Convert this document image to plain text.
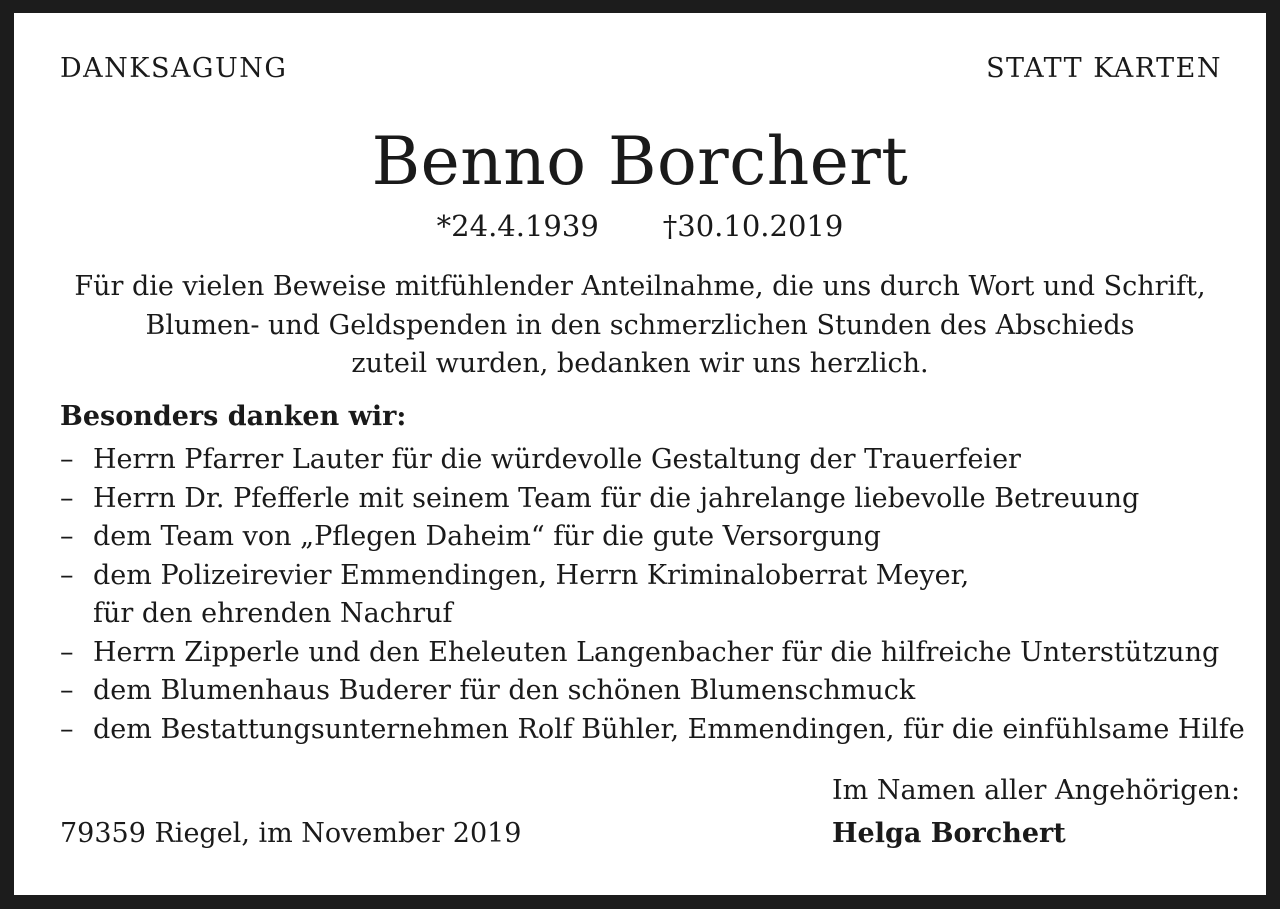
DANKSAGUNG	STATT KARTEN
Benno Borchert
*24.4.1939 †30.10.2019
Für die vielen Beweise mitfühlender Anteilnahme, die uns durch Wort und Schrift,
Blumen- und Geldspenden in den schmerzlichen Stunden des Abschieds
zuteil wurden, bedanken wir uns herzlich.
Besonders danken wir:
– Herrn Pfarrer Lauter für die würdevolle Gestaltung der Trauerfeier
– Herrn Dr. Pfefferle mit seinem Team für die jahrelange liebevolle Betreuung
– dem Team von „Pflegen Daheim“ für die gute Versorgung
– dem Polizeirevier Emmendingen, Herrn Kriminaloberrat Meyer,
für den ehrenden Nachruf
– Herrn Zipperle und den Eheleuten Langenbacher für die hilfreiche Unterstützung
– dem Blumenhaus Buderer für den schönen Blumenschmuck
– dem Bestattungsunternehmen Rolf Bühler, Emmendingen, für die einfühlsame Hilfe
Im Namen aller Angehörigen:
79359 Riegel, im November 2019	Helga Borchert
